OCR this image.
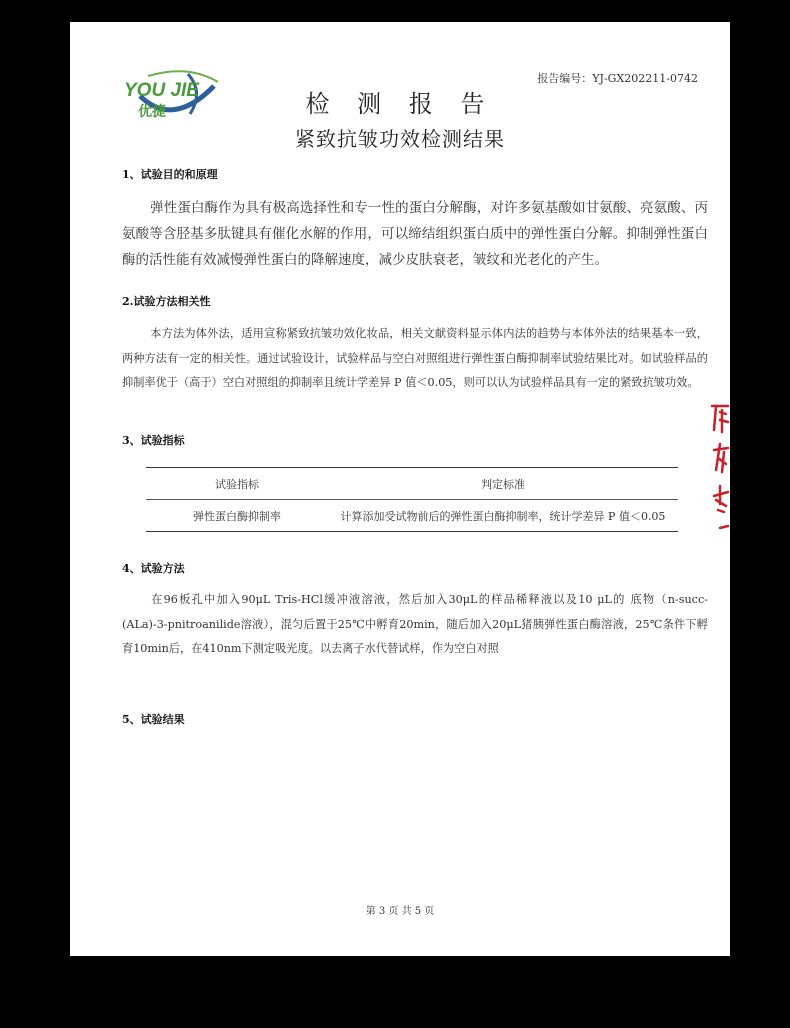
YOU JIE
优捷
报告编号：YJ-GX202211-0742
检 测 报 告
紧致抗皱功效检测结果
1、试验目的和原理
弹性蛋白酶作为具有极高选择性和专一性的蛋白分解酶，对许多氨基酸如甘氨酸、亮氨酸、丙氨酸等含胫基多肽键具有催化水解的作用，可以缔结组织蛋白质中的弹性蛋白分解。抑制弹性蛋白酶的活性能有效减慢弹性蛋白的降解速度，减少皮肤衰老，皱纹和光老化的产生。
2.试验方法相关性
本方法为体外法，适用宣称紧致抗皱功效化妆品，相关文献资料显示体内法的趋势与本体外法的结果基本一致，两种方法有一定的相关性。通过试验设计，试验样品与空白对照组进行弹性蛋白酶抑制率试验结果比对。如试验样品的抑制率优于（高于）空白对照组的抑制率且统计学差异 P 值＜0.05，则可以认为试验样品具有一定的紧致抗皱功效。
3、试验指标
试验指标	判定标准
弹性蛋白酶抑制率	计算添加受试物前后的弹性蛋白酶抑制率，统计学差异 P 值＜0.05
4、试验方法
在96板孔中加入90μL Tris-HCl缓冲液溶液，然后加入30μL的样品稀释液以及10 μL的 底物（n-succ-(ALa)-3-pnitroanilide溶液），混匀后置于25℃中孵育20min，随后加入20μL猪胰弹性蛋白酶溶液，25℃条件下孵育10min后，在410nm下测定吸光度。以去离子水代替试样，作为空白对照
5、试验结果
第 3 页 共 5 页
